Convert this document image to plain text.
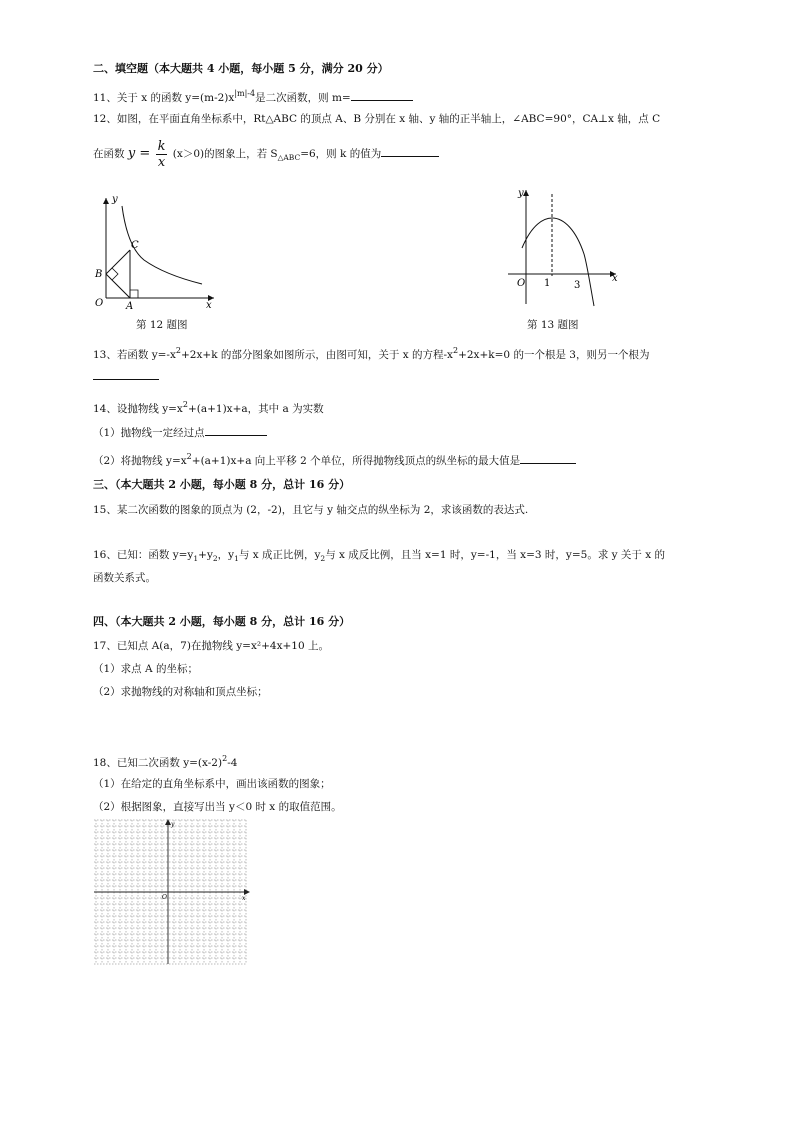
二、填空题（本大题共 4 小题，每小题 5 分，满分 20 分）
11、关于 x 的函数 $y=(m-2)x^{|m|-4}$是二次函数，则 m=
12、如图，在平面直角坐标系中，Rt△ABC 的顶点 A、B 分别在 x 轴、y 轴的正半轴上，∠ABC=90°，CA⊥x 轴，点 C
在函数 $y = \frac{k}{x} (x>0)$的图象上，若 $S_{\triangle ABC}=6$，则 k 的值为
y
x
O A
B
C
第 12 题图
y
x
O 1 3
第 13 题图
13、若函数 $y=-x^2+2x+k$ 的部分图象如图所示，由图可知，关于 x 的方程$-x^2+2x+k=0$ 的一个根是 3，则另一个根为
14、设抛物线 $y=x^2+(a+1)x+a$，其中 a 为实数
（1）抛物线一定经过点
（2）将抛物线 $y=x^2+(a+1)x+a$ 向上平移 2 个单位，所得抛物线顶点的纵坐标的最大值是
三、（本大题共 2 小题，每小题 8 分，总计 16 分）
15、某二次函数的图象的顶点为 (2，-2)，且它与 y 轴交点的纵坐标为 2，求该函数的表达式.
16、已知：函数 $y=y_1+y_2$，$y_1$与 x 成正比例，$y_2$与 x 成反比例，且当 x=1 时，y=-1，当 x=3 时，y=5。求 y 关于 x 的
函数关系式。
四、（本大题共 2 小题，每小题 8 分，总计 16 分）
17、已知点 A(a，7)在抛物线 y=x²+4x+10 上。
（1）求点 A 的坐标；
（2）求抛物线的对称轴和顶点坐标；
18、已知二次函数 $y=(x-2)^2-4$
（1）在给定的直角坐标系中，画出该函数的图象；
（2）根据图象，直接写出当 y＜0 时 x 的取值范围。
y
x
O
